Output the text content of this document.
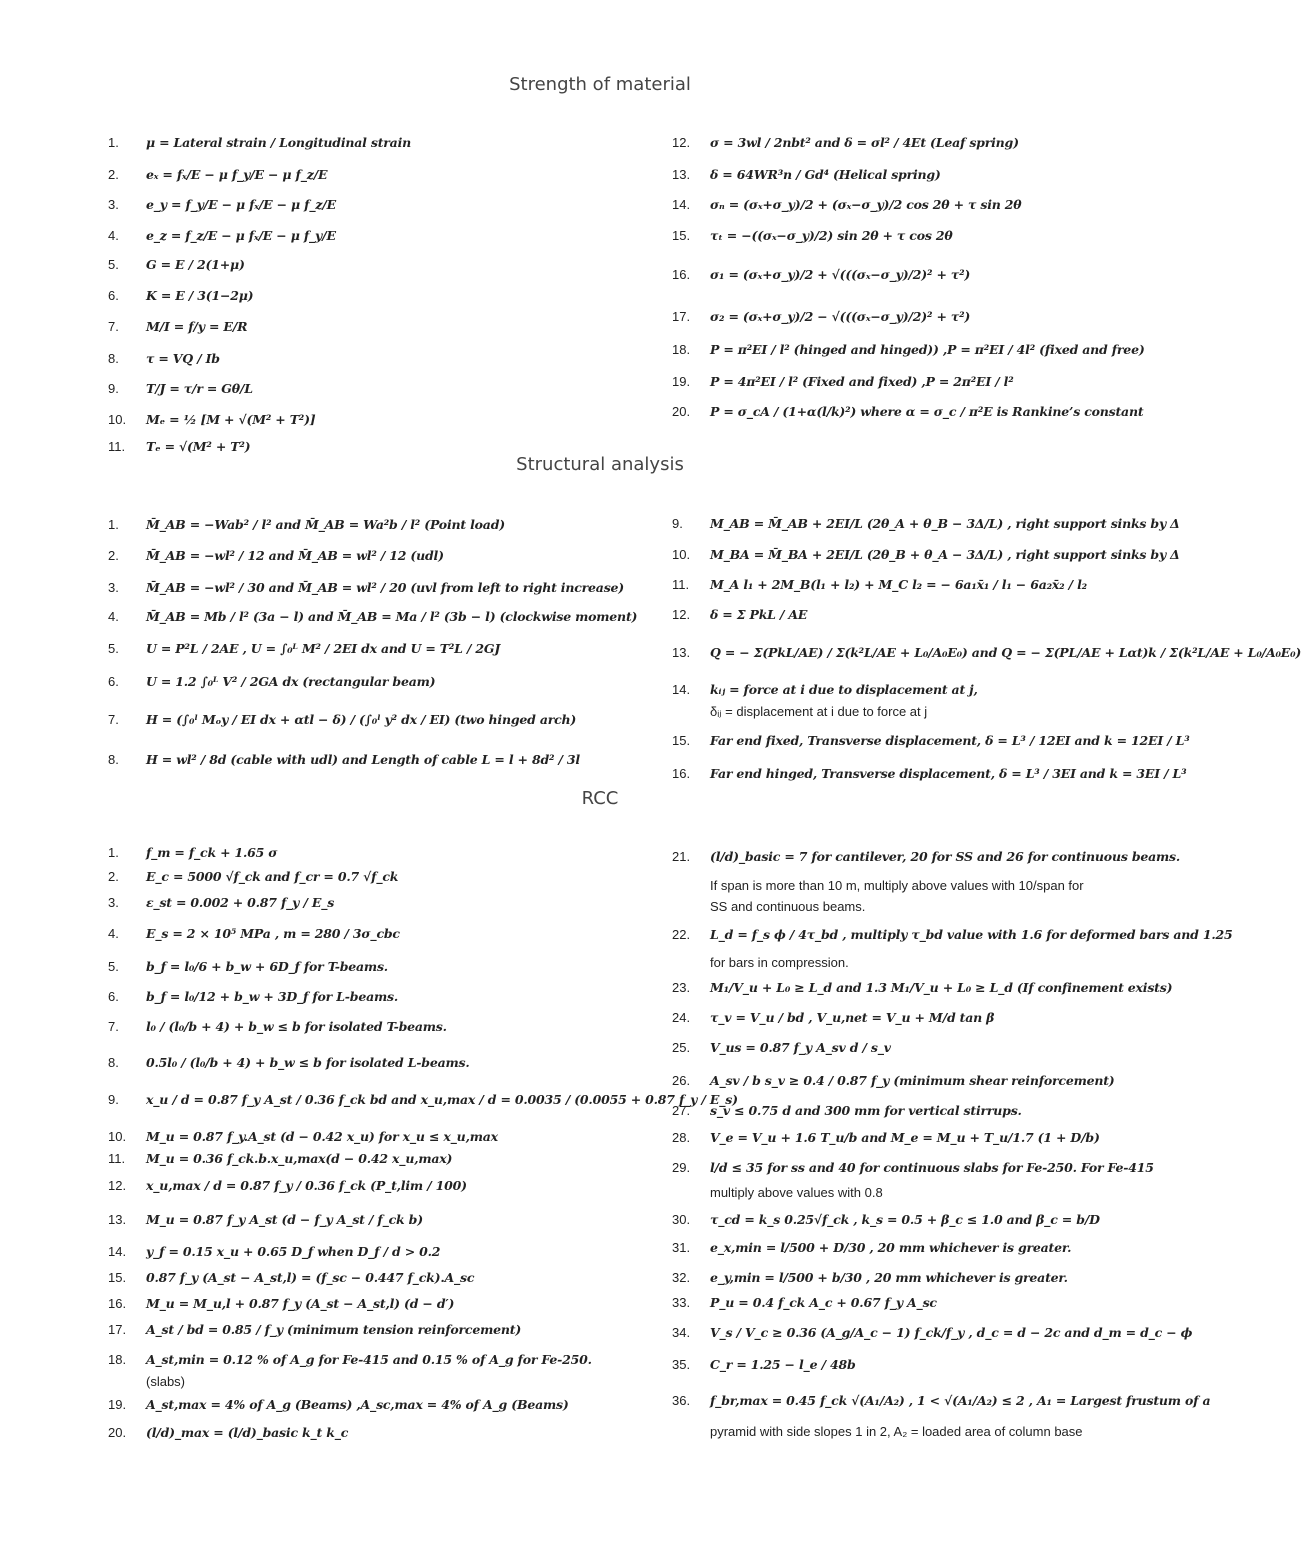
Strength of material
Structural analysis
RCC
1.	μ = Lateral strain / Longitudinal strain
2.	eₓ = fₓ/E − μ f_y/E − μ f_z/E
3.	e_y = f_y/E − μ fₓ/E − μ f_z/E
4.	e_z = f_z/E − μ fₓ/E − μ f_y/E
5.	G = E / 2(1+μ)
6.	K = E / 3(1−2μ)
7.	M/I = f/y = E/R
8.	τ = VQ / Ib
9.	T/J = τ/r = Gθ/L
10.	Mₑ = ½ [M + √(M² + T²)]
11.	Tₑ = √(M² + T²)
12.	σ = 3wl / 2nbt² and δ = σl² / 4Et (Leaf spring)
13.	δ = 64WR³n / Gd⁴ (Helical spring)
14.	σₙ = (σₓ+σ_y)/2 + (σₓ−σ_y)/2 cos 2θ + τ sin 2θ
15.	τₜ = −((σₓ−σ_y)/2) sin 2θ + τ cos 2θ
16.	σ₁ = (σₓ+σ_y)/2 + √(((σₓ−σ_y)/2)² + τ²)
17.	σ₂ = (σₓ+σ_y)/2 − √(((σₓ−σ_y)/2)² + τ²)
18.	P = π²EI / l² (hinged and hinged)) ,P = π²EI / 4l² (fixed and free)
19.	P = 4π²EI / l² (Fixed and fixed) ,P = 2π²EI / l²
20.	P = σ_cA / (1+α(l/k)²) where α = σ_c / π²E is Rankine’s constant
1.	M̄_AB = −Wab² / l² and M̄_AB = Wa²b / l² (Point load)
2.	M̄_AB = −wl² / 12 and M̄_AB = wl² / 12 (udl)
3.	M̄_AB = −wl² / 30 and M̄_AB = wl² / 20 (uvl from left to right increase)
4.	M̄_AB = Mb / l² (3a − l) and M̄_AB = Ma / l² (3b − l) (clockwise moment)
5.	U = P²L / 2AE , U = ∫₀ᴸ M² / 2EI dx and U = T²L / 2GJ
6.	U = 1.2 ∫₀ᴸ V² / 2GA dx (rectangular beam)
7.	H = (∫₀ˡ Mₒy / EI dx + αtl − δ) / (∫₀ˡ y² dx / EI) (two hinged arch)
8.	H = wl² / 8d (cable with udl) and Length of cable L = l + 8d² / 3l
9.	M_AB = M̄_AB + 2EI/L (2θ_A + θ_B − 3Δ/L) , right support sinks by Δ
10.	M_BA = M̄_BA + 2EI/L (2θ_B + θ_A − 3Δ/L) , right support sinks by Δ
11.	M_A l₁ + 2M_B(l₁ + l₂) + M_C l₂ = − 6a₁x̄₁ / l₁ − 6a₂x̄₂ / l₂
12.	δ = Σ PkL / AE
13.	Q = − Σ(PkL/AE) / Σ(k²L/AE + L₀/A₀E₀) and Q = − Σ(PL/AE + Lαt)k / Σ(k²L/AE + L₀/A₀E₀)
14.	kᵢⱼ = force at i due to displacement at j,
δᵢⱼ = displacement at i due to force at j
15.	Far end fixed, Transverse displacement, δ = L³ / 12EI and k = 12EI / L³
16.	Far end hinged, Transverse displacement, δ = L³ / 3EI and k = 3EI / L³
1.	f_m = f_ck + 1.65 σ
2.	E_c = 5000 √f_ck and f_cr = 0.7 √f_ck
3.	ε_st = 0.002 + 0.87 f_y / E_s
4.	E_s = 2 × 10⁵ MPa , m = 280 / 3σ_cbc
5.	b_f = l₀/6 + b_w + 6D_f for T-beams.
6.	b_f = l₀/12 + b_w + 3D_f for L-beams.
7.	l₀ / (l₀/b + 4) + b_w ≤ b for isolated T-beams.
8.	0.5l₀ / (l₀/b + 4) + b_w ≤ b for isolated L-beams.
9.	x_u / d = 0.87 f_y A_st / 0.36 f_ck bd and x_u,max / d = 0.0035 / (0.0055 + 0.87 f_y / E_s)
10.	M_u = 0.87 f_y.A_st (d − 0.42 x_u) for x_u ≤ x_u,max
11.	M_u = 0.36 f_ck.b.x_u,max(d − 0.42 x_u,max)
12.	x_u,max / d = 0.87 f_y / 0.36 f_ck (P_t,lim / 100)
13.	M_u = 0.87 f_y A_st (d − f_y A_st / f_ck b)
14.	y_f = 0.15 x_u + 0.65 D_f when D_f / d > 0.2
15.	0.87 f_y (A_st − A_st,l) = (f_sc − 0.447 f_ck).A_sc
16.	M_u = M_u,l + 0.87 f_y (A_st − A_st,l) (d − d′)
17.	A_st / bd = 0.85 / f_y (minimum tension reinforcement)
18.	A_st,min = 0.12 % of A_g for Fe-415 and 0.15 % of A_g for Fe-250.
(slabs)
19.	A_st,max = 4% of A_g (Beams) ,A_sc,max = 4% of A_g (Beams)
20.	(l/d)_max = (l/d)_basic k_t k_c
21.	(l/d)_basic = 7 for cantilever, 20 for SS and 26 for continuous beams.
If span is more than 10 m, multiply above values with 10/span for
SS and continuous beams.
22.	L_d = f_s ϕ / 4τ_bd , multiply τ_bd value with 1.6 for deformed bars and 1.25
for bars in compression.
23.	M₁/V_u + L₀ ≥ L_d and 1.3 M₁/V_u + L₀ ≥ L_d (If confinement exists)
24.	τ_v = V_u / bd , V_u,net = V_u + M/d tan β
25.	V_us = 0.87 f_y A_sv d / s_v
26.	A_sv / b s_v ≥ 0.4 / 0.87 f_y (minimum shear reinforcement)
27.	s_v ≤ 0.75 d and 300 mm for vertical stirrups.
28.	V_e = V_u + 1.6 T_u/b and M_e = M_u + T_u/1.7 (1 + D/b)
29.	l/d ≤ 35 for ss and 40 for continuous slabs for Fe-250. For Fe-415
multiply above values with 0.8
30.	τ_cd = k_s 0.25√f_ck , k_s = 0.5 + β_c ≤ 1.0 and β_c = b/D
31.	e_x,min = l/500 + D/30 , 20 mm whichever is greater.
32.	e_y,min = l/500 + b/30 , 20 mm whichever is greater.
33.	P_u = 0.4 f_ck A_c + 0.67 f_y A_sc
34.	V_s / V_c ≥ 0.36 (A_g/A_c − 1) f_ck/f_y , d_c = d − 2c and d_m = d_c − ϕ
35.	C_r = 1.25 − l_e / 48b
36.	f_br,max = 0.45 f_ck √(A₁/A₂) , 1 < √(A₁/A₂) ≤ 2 , A₁ = Largest frustum of a
pyramid with side slopes 1 in 2, A₂ = loaded area of column base
